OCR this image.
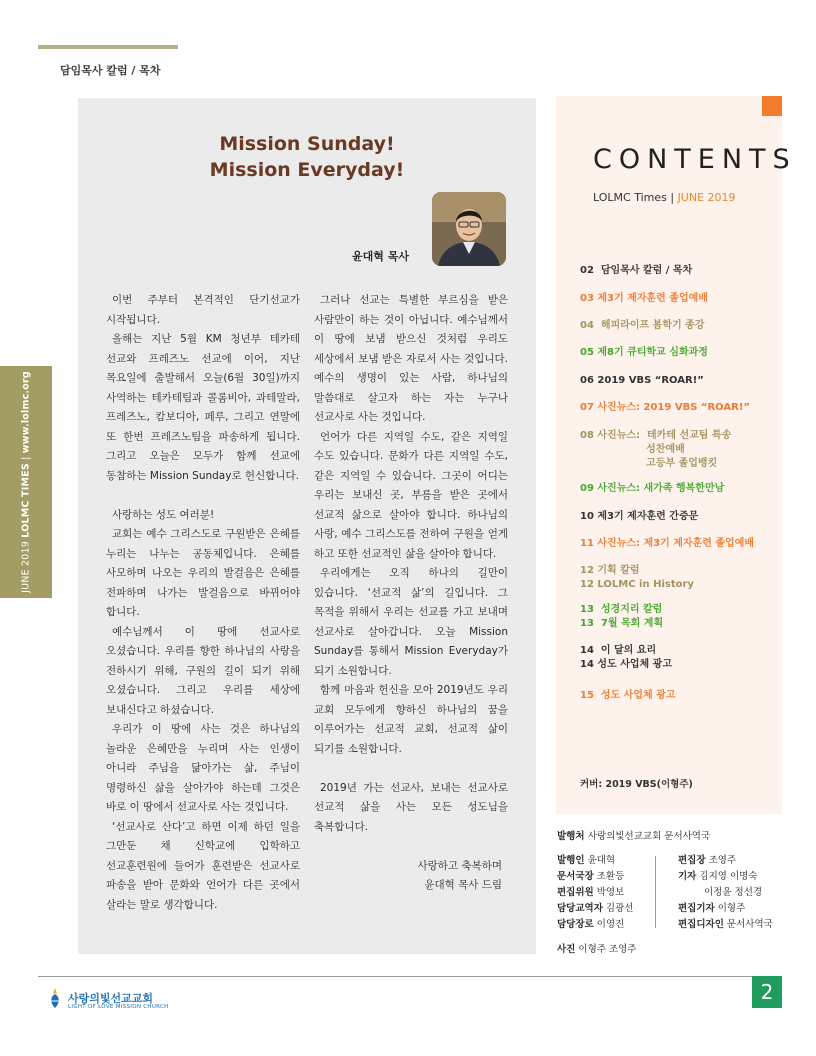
담임목사 칼럼 / 목차
JUNE 2019 LOLMC TIMES | www.lolmc.org
Mission Sunday!
Mission Everyday!
윤대혁 목사

이번 주부터 본격적인 단기선교가 시작됩니다.

올해는 지난 5월 KM 청년부 테카테 선교와 프레즈노 선교에 이어, 지난 목요일에 출발해서 오늘(6월 30일)까지 사역하는 테카테팀과 콜롬비아, 과테말라, 프레즈노, 캄보디아, 페루, 그리고 연말에 또 한번 프레즈노팀을 파송하게 됩니다. 그리고 오늘은 모두가 함께 선교에 동참하는 Mission Sunday로 헌신합니다.

사랑하는 성도 여러분!

교회는 예수 그리스도로 구원받은 은혜를 누리는 나누는 공동체입니다. 은혜를 사모하며 나오는 우리의 발걸음은 은혜를 전파하며 나가는 발걸음으로 바뀌어야 합니다.

예수님께서 이 땅에 선교사로 오셨습니다. 우리를 향한 하나님의 사랑을 전하시기 위해, 구원의 길이 되기 위해 오셨습니다. 그리고 우리를 세상에 보내신다고 하셨습니다.

우리가 이 땅에 사는 것은 하나님의 놀라운 은혜만을 누리며 사는 인생이 아니라 주님을 닮아가는 삶, 주님이 명령하신 삶을 살아가야 하는데 그것은 바로 이 땅에서 선교사로 사는 것입니다.

‘선교사로 산다’고 하면 이제 하던 일을 그만둔 채 신학교에 입학하고 선교훈련원에 들어가 훈련받은 선교사로 파송을 받아 문화와 언어가 다른 곳에서 살라는 말로 생각합니다.

그러나 선교는 특별한 부르심을 받은 사람만이 하는 것이 아닙니다. 예수님께서 이 땅에 보냄 받으신 것처럼 우리도 세상에서 보냄 받은 자로서 사는 것입니다. 예수의 생명이 있는 사람, 하나님의 말씀대로 살고자 하는 자는 누구나 선교사로 사는 것입니다.

언어가 다른 지역일 수도, 같은 지역일 수도 있습니다. 문화가 다른 지역일 수도, 같은 지역일 수 있습니다. 그곳이 어디는 우리는 보내신 곳, 부름을 받은 곳에서 선교적 삶으로 살아야 합니다. 하나님의 사랑, 예수 그리스도를 전하여 구원을 얻게 하고 또한 선교적인 삶을 살아야 합니다.

우리에게는 오직 하나의 길만이 있습니다. ‘선교적 삶’의 길입니다. 그 목적을 위해서 우리는 선교를 가고 보내며 선교사로 살아갑니다. 오늘 Mission Sunday를 통해서 Mission Everyday가 되기 소원합니다.

함께 마음과 헌신을 모아 2019년도 우리 교회 모두에게 향하신 하나님의 꿈을 이루어가는 선교적 교회, 선교적 삶이 되기를 소원합니다.

2019년 가는 선교사, 보내는 선교사로 선교적 삶을 사는 모든 성도님을 축복합니다.

사랑하고 축복하며

윤대혁 목사 드림

CONTENTS
LOLMC Times | JUNE 2019
02  담임목사 칼럼 / 목차
03 제3기 제자훈련 졸업예배
04  해피라이프 봄학기 종강
05 제8기 큐티학교 심화과정
06 2019 VBS “ROAR!”
07 사진뉴스: 2019 VBS “ROAR!”
08 사진뉴스:  테카테 선교팀 특송
성찬예배
고등부 졸업뱅킷
09 사진뉴스: 새가족 행복한만남
10 제3기 제자훈련 간증문
11 사진뉴스: 제3기 제자훈련 졸업예배
12 기획 칼럼
12 LOLMC in History
13  성경지리 칼럼
13  7월 목회 계획
14  이 달의 요리
14 성도 사업체 광고
15  성도 사업체 광고
커버: 2019 VBS(이형주)
발행처 사랑의빛선교교회 문서사역국
발행인 윤대혁
문서국장 조환등
편집위원 박영보
담당교역자 김광선
담당장로 이영진
편집장 조영주
기자 김지영 이명숙
이정윤 정선경
편집기자 이형주
편집디자인 문서사역국
사진 이형주 조영주
사랑의빛선교교회
LIGHT OF LOVE MISSION CHURCH
2
